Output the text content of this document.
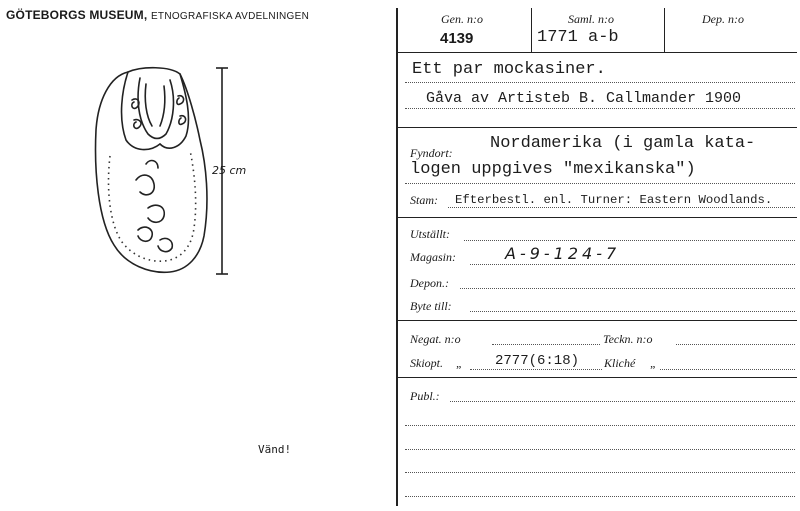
GÖTEBORGS MUSEUM, ETNOGRAFISKA AVDELNINGEN
25 cm
Vänd!
Gen. n:o
4139
Saml. n:o
1771 a-b
Dep. n:o
Ett par mockasiner.
Gåva av Artisteb B. Callmander 1900
Fyndort: Nordamerika (i gamla kata-
logen uppgives "mexikanska")
Stam: Efterbestl. enl. Turner: Eastern Woodlands.
Utställt:
Magasin:	A-9-124-7
Depon.:
Byte till:
Negat. n:o	Teckn. n:o
Skiopt. „ 2777(6:18) Kliché „
Publ.:
